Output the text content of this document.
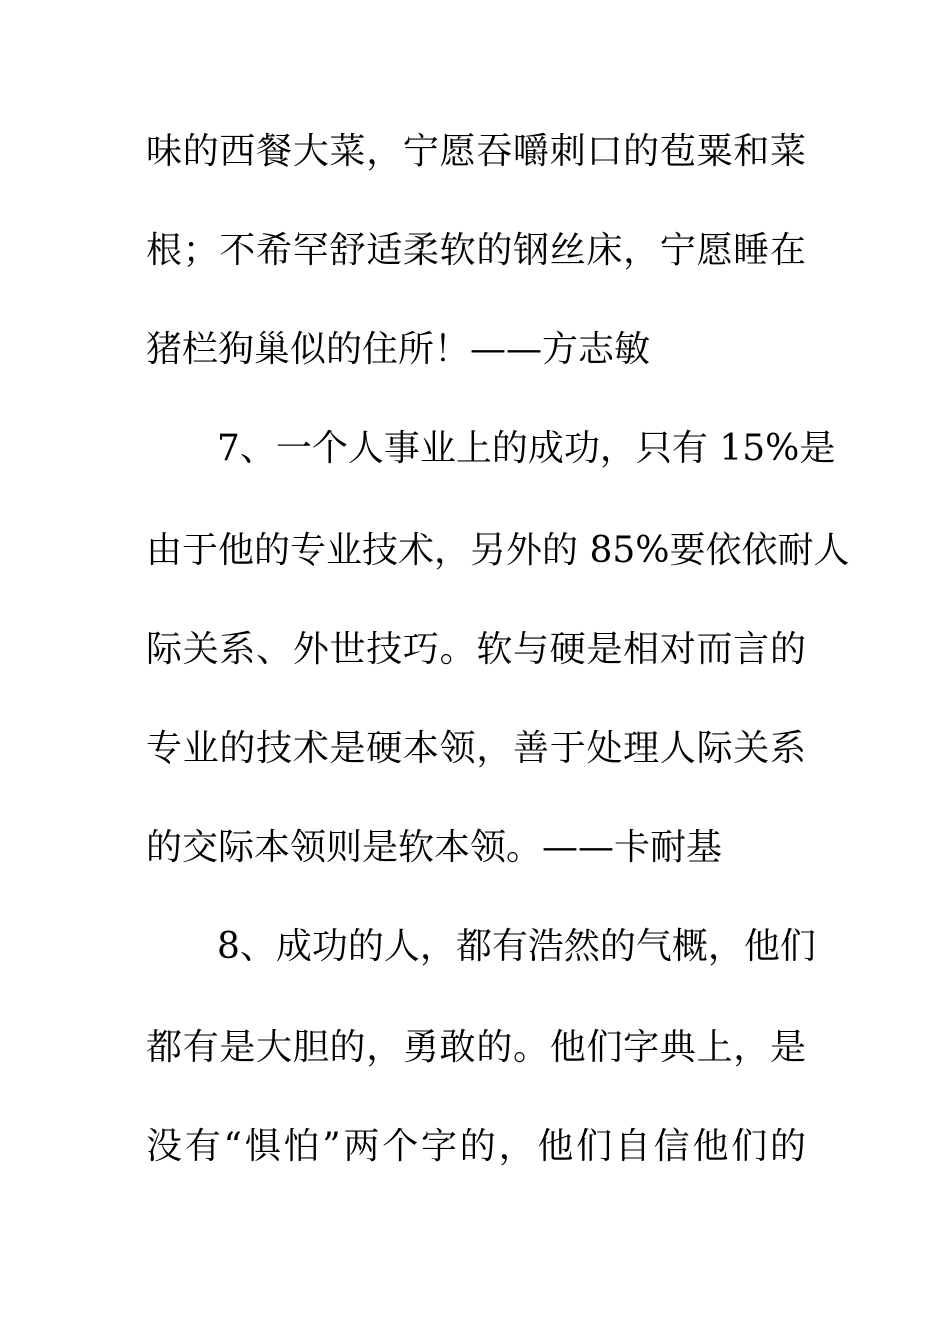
味的西餐大菜，宁愿吞嚼刺口的苞粟和菜
根；不希罕舒适柔软的钢丝床，宁愿睡在
猪栏狗巢似的住所！——方志敏
7、一个人事业上的成功，只有 15%是
由于他的专业技术，另外的 85%要依依耐人
际关系、外世技巧。软与硬是相对而言的
专业的技术是硬本领，善于处理人际关系
的交际本领则是软本领。——卡耐基
8、成功的人，都有浩然的气概，他们
都有是大胆的，勇敢的。他们字典上，是
没有“惧怕”两个字的，他们自信他们的
